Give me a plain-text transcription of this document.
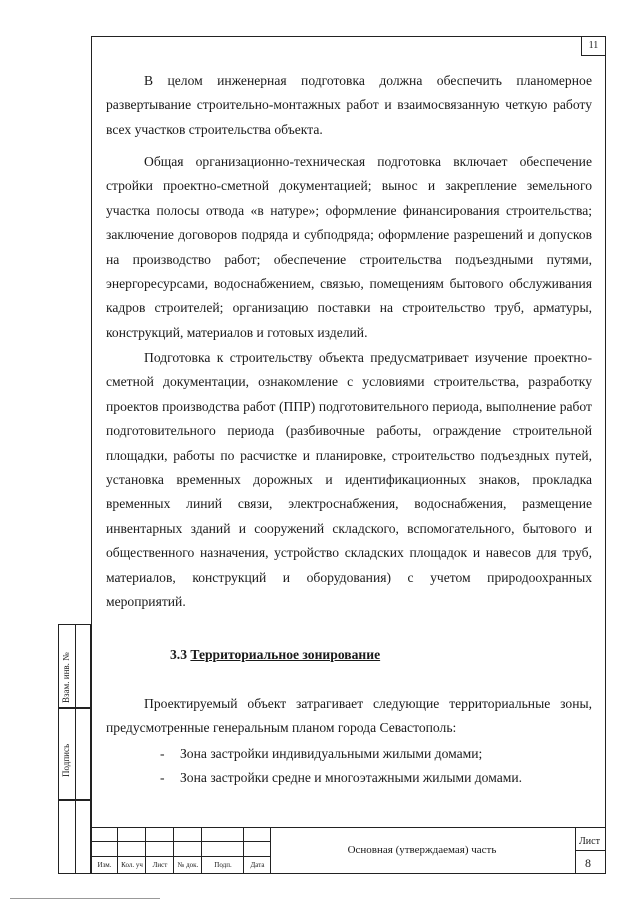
11

В целом инженерная подготовка должна обеспечить планомерное развертывание строительно-монтажных работ и взаимосвязанную четкую работу всех участков строительства объекта.

Общая организационно-техническая подготовка включает обеспечение стройки проектно-сметной документацией; вынос и закрепление земельного участка полосы отвода «в натуре»; оформление финансирования строительства; заключение договоров подряда и субподряда; оформление разрешений и допусков на производство работ; обеспечение строительства подъездными путями, энергоресурсами, водоснабжением, связью, помещениям бытового обслуживания кадров строителей; организацию поставки на строительство труб, арматуры, конструкций, материалов и готовых изделий.

Подготовка к строительству объекта предусматривает изучение проектно-сметной документации, ознакомление с условиями строительства, разработку проектов производства работ (ППР) подготовительного периода, выполнение работ подготовительного периода (разбивочные работы, ограждение строительной площадки, работы по расчистке и планировке, строительство подъездных путей, установка временных дорожных и идентификационных знаков, прокладка временных линий связи, электроснабжения, водоснабжения, размещение инвентарных зданий и сооружений складского, вспомогательного, бытового и общественного назначения, устройство складских площадок и навесов для труб, материалов, конструкций и оборудования) с учетом природоохранных мероприятий.

3.3 Территориальное зонирование

Проектируемый объект затрагивает следующие территориальные зоны, предусмотренные генеральным планом города Севастополь:

- Зона застройки индивидуальными жилыми домами;
- Зона застройки средне и многоэтажными жилыми домами.
Взам. инв. №
Подпись
Изм.	Кол. уч	Лист	№ док.	Подп.	Дата
Основная (утверждаемая) часть
Лист
8
